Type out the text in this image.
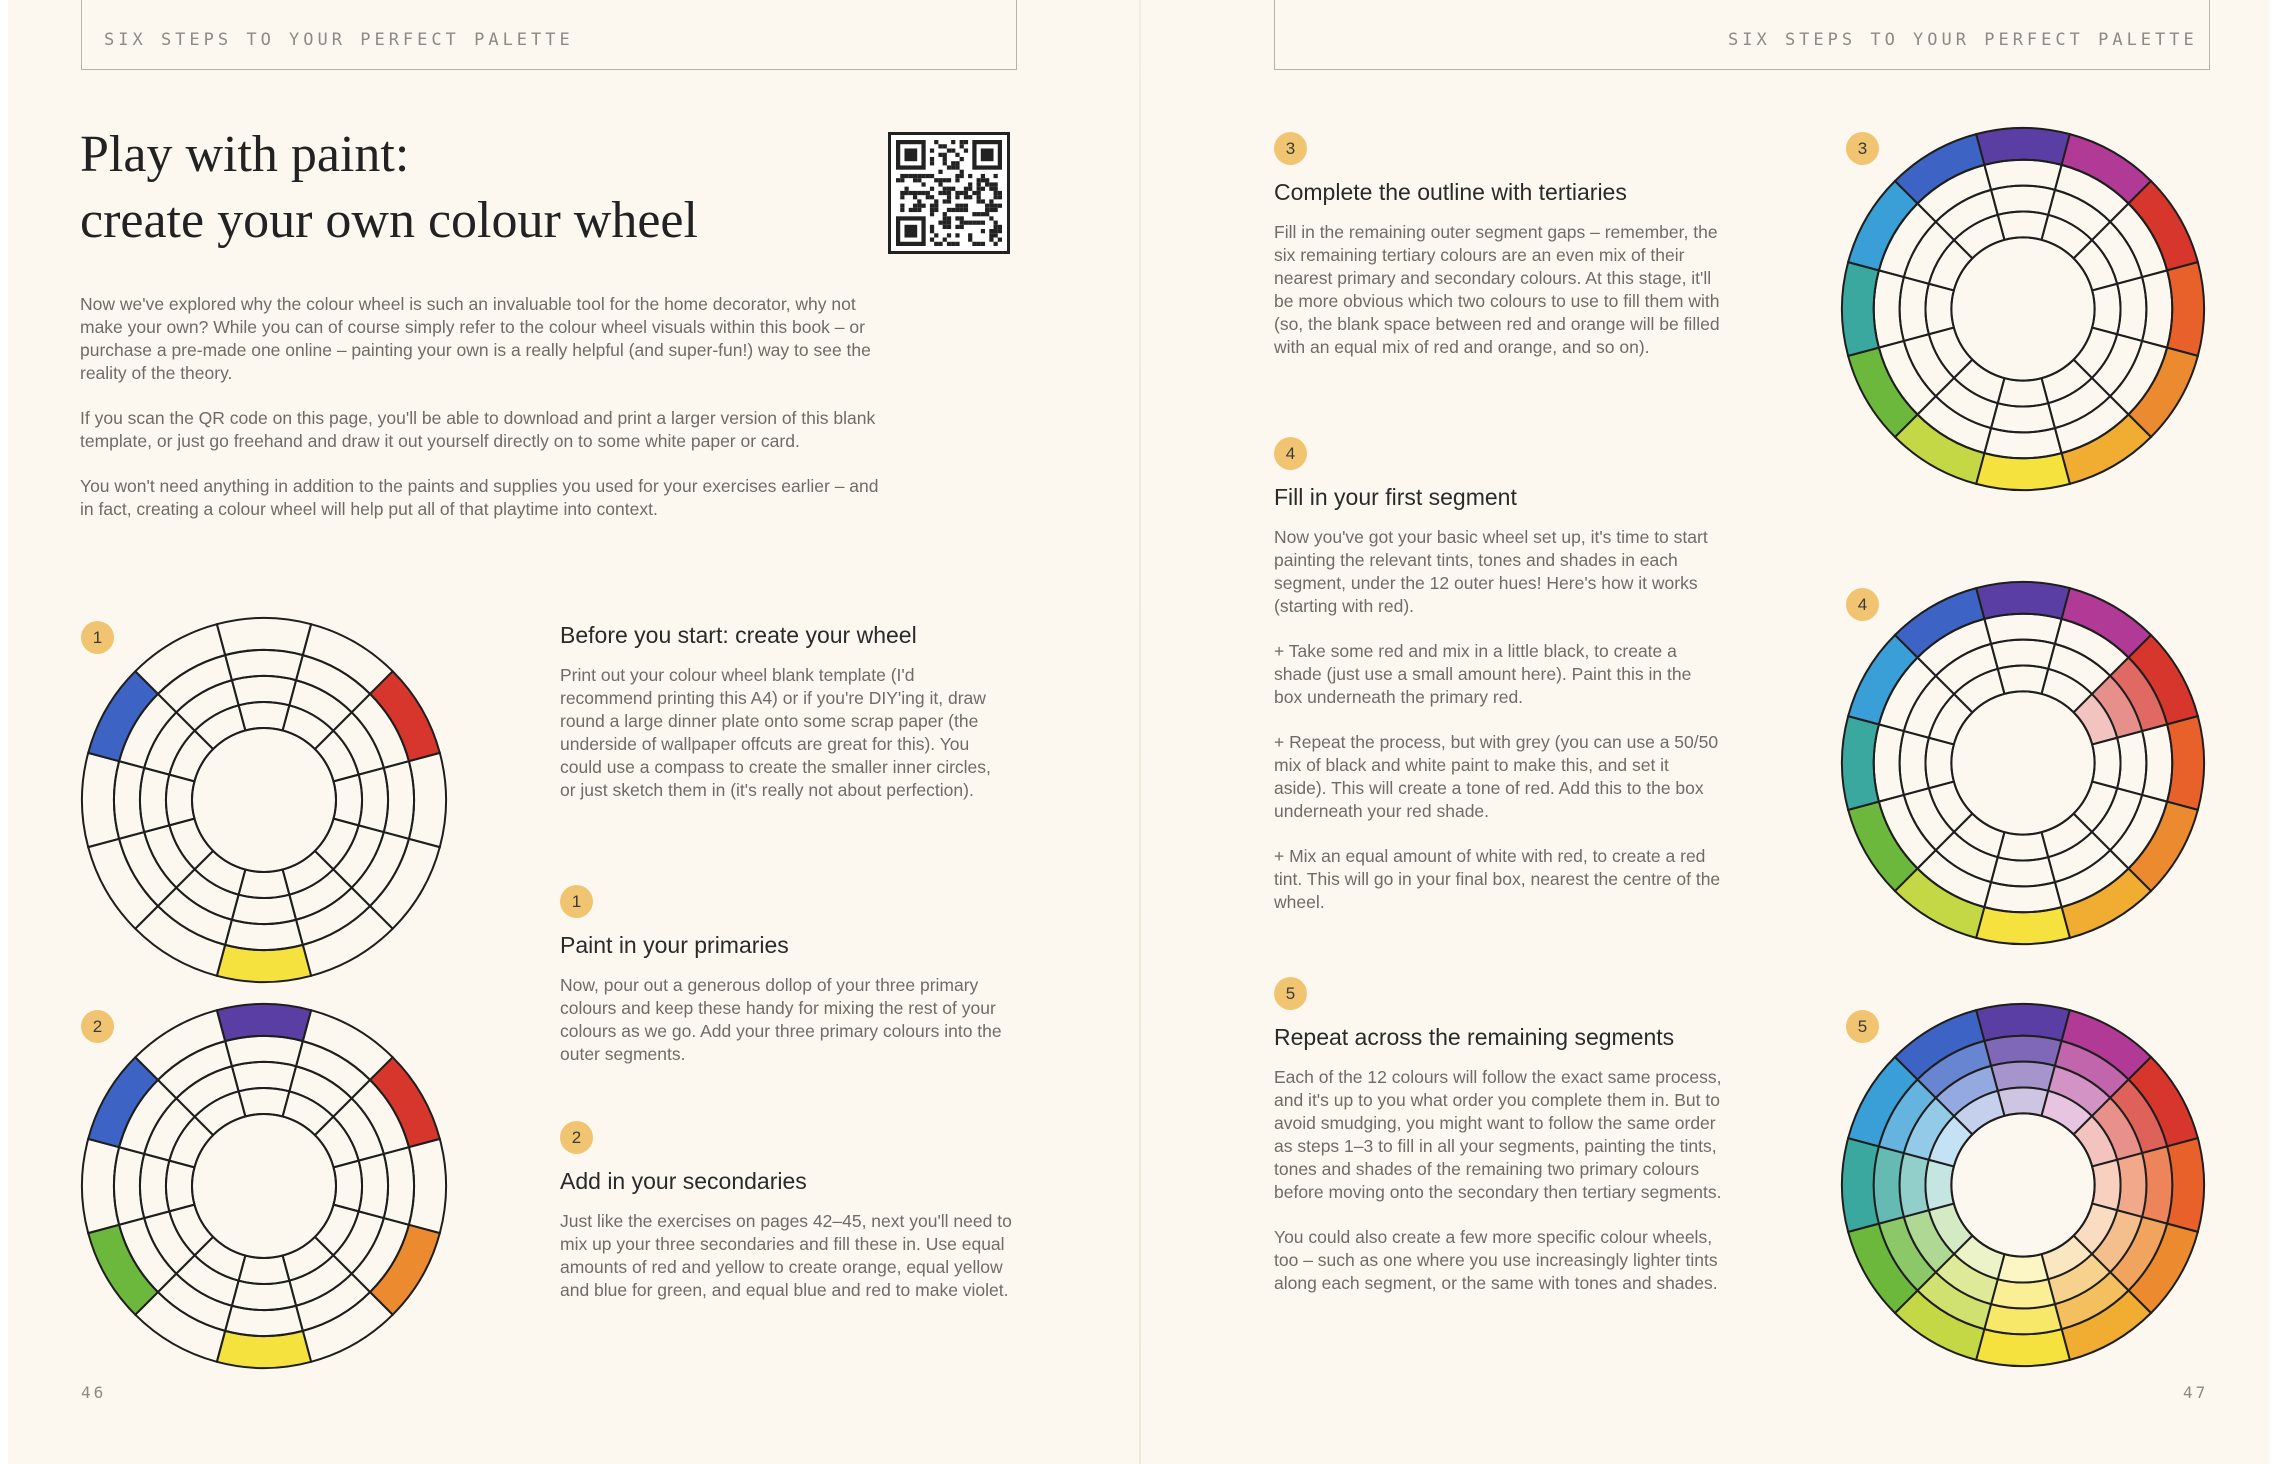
SIX STEPS TO YOUR PERFECT PALETTE
Play with paint:
create your own colour wheel

Now we've explored why the colour wheel is such an invaluable tool for the home decorator, why not make your own? While you can of course simply refer to the colour wheel visuals within this book – or purchase a pre-made one online – painting your own is a really helpful (and super-fun!) way to see the reality of the theory.

If you scan the QR code on this page, you'll be able to download and print a larger version of this blank template, or just go freehand and draw it out yourself directly on to some white paper or card.

You won't need anything in addition to the paints and supplies you used for your exercises earlier – and in fact, creating a colour wheel will help put all of that playtime into context.

1
2
Before you start: create your wheel

Print out your colour wheel blank template (I'd recommend printing this A4) or if you're DIY'ing it, draw round a large dinner plate onto some scrap paper (the underside of wallpaper offcuts are great for this). You could use a compass to create the smaller inner circles, or just sketch them in (it's really not about perfection).

1
Paint in your primaries

Now, pour out a generous dollop of your three primary colours and keep these handy for mixing the rest of your colours as we go. Add your three primary colours into the outer segments.

2
Add in your secondaries

Just like the exercises on pages 42–45, next you'll need to mix up your three secondaries and fill these in. Use equal amounts of red and yellow to create orange, equal yellow and blue for green, and equal blue and red to make violet.

46
SIX STEPS TO YOUR PERFECT PALETTE
3
Complete the outline with tertiaries

Fill in the remaining outer segment gaps – remember, the six remaining tertiary colours are an even mix of their nearest primary and secondary colours. At this stage, it'll be more obvious which two colours to use to fill them with (so, the blank space between red and orange will be filled with an equal mix of red and orange, and so on).

4
Fill in your first segment

Now you've got your basic wheel set up, it's time to start painting the relevant tints, tones and shades in each segment, under the 12 outer hues! Here's how it works (starting with red).

+ Take some red and mix in a little black, to create a shade (just use a small amount here). Paint this in the box underneath the primary red.

+ Repeat the process, but with grey (you can use a 50/50 mix of black and white paint to make this, and set it aside). This will create a tone of red. Add this to the box underneath your red shade.

+ Mix an equal amount of white with red, to create a red tint. This will go in your final box, nearest the centre of the wheel.

5
Repeat across the remaining segments

Each of the 12 colours will follow the exact same process, and it's up to you what order you complete them in. But to avoid smudging, you might want to follow the same order as steps 1–3 to fill in all your segments, painting the tints, tones and shades of the remaining two primary colours before moving onto the secondary then tertiary segments.

You could also create a few more specific colour wheels, too – such as one where you use increasingly lighter tints along each segment, or the same with tones and shades.

3
4
5
47
